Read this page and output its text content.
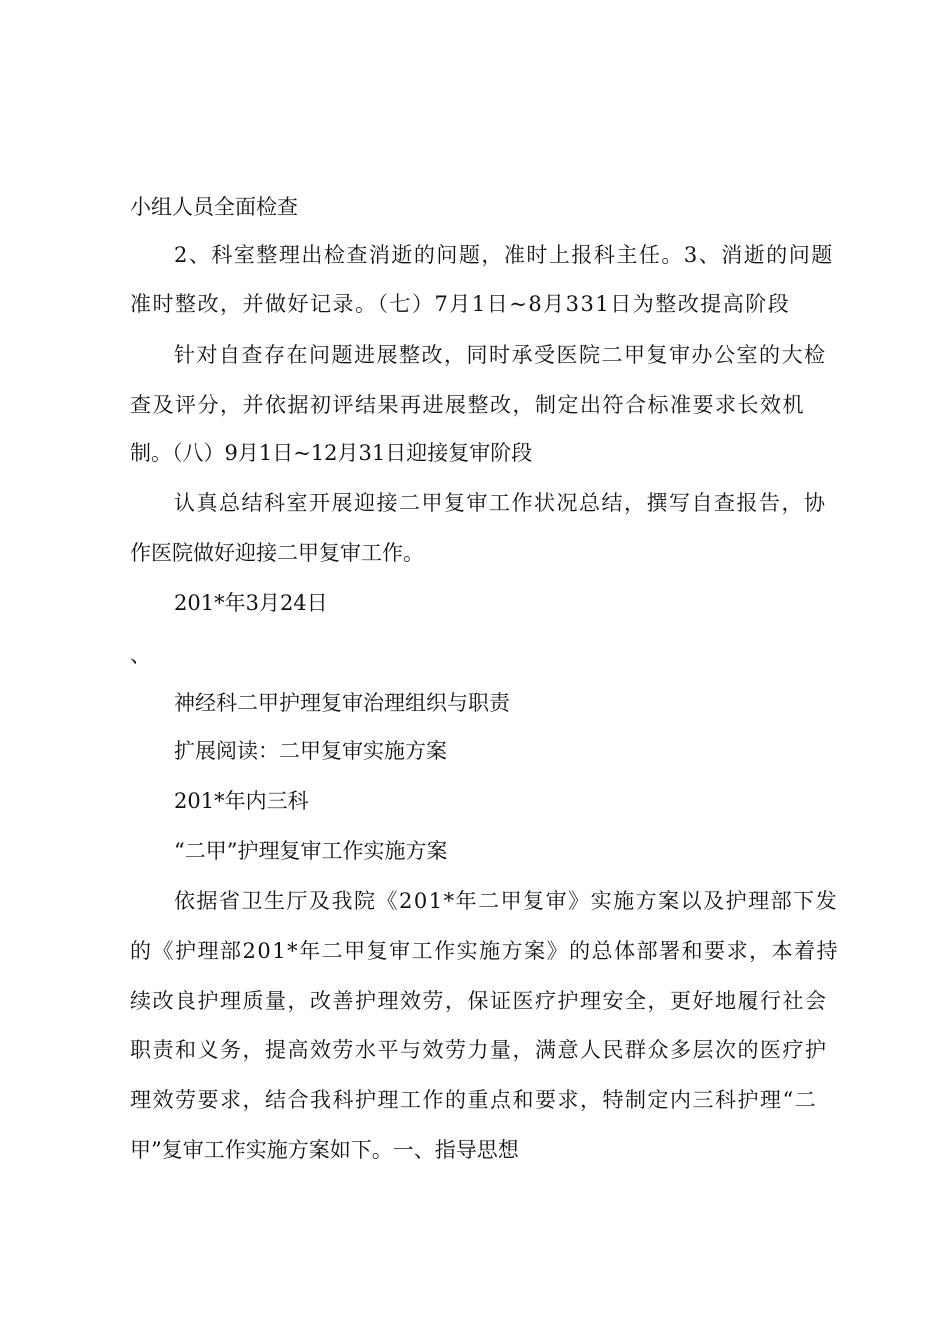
小组人员全面检查
2、科室整理出检查消逝的问题，准时上报科主任。3、消逝的问题
准时整改，并做好记录。（七）7月1日~8月331日为整改提高阶段
针对自查存在问题进展整改，同时承受医院二甲复审办公室的大检
查及评分，并依据初评结果再进展整改，制定出符合标准要求长效机
制。（八）9月1日~12月31日迎接复审阶段
认真总结科室开展迎接二甲复审工作状况总结，撰写自查报告，协
作医院做好迎接二甲复审工作。
201*年3月24日
、
神经科二甲护理复审治理组织与职责
扩展阅读：二甲复审实施方案
201*年内三科
“二甲”护理复审工作实施方案
依据省卫生厅及我院《201*年二甲复审》实施方案以及护理部下发
的《护理部201*年二甲复审工作实施方案》的总体部署和要求，本着持
续改良护理质量，改善护理效劳，保证医疗护理安全，更好地履行社会
职责和义务，提高效劳水平与效劳力量，满意人民群众多层次的医疗护
理效劳要求，结合我科护理工作的重点和要求，特制定内三科护理“二
甲”复审工作实施方案如下。一、指导思想
